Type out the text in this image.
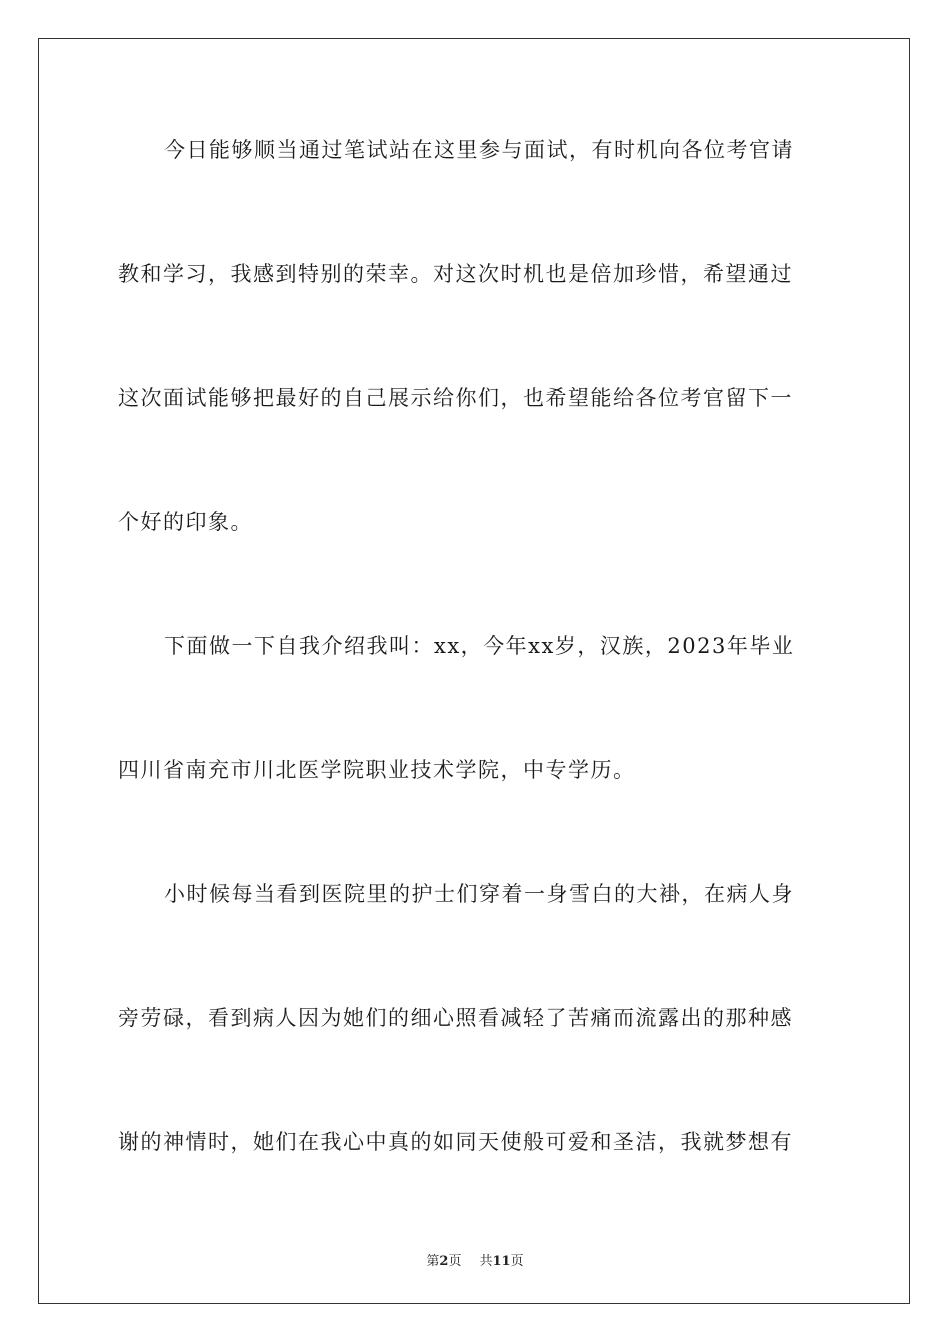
今日能够顺当通过笔试站在这里参与面试，有时机向各位考官请
教和学习，我感到特别的荣幸。对这次时机也是倍加珍惜，希望通过
这次面试能够把最好的自己展示给你们，也希望能给各位考官留下一
个好的印象。
下面做一下自我介绍我叫：xx，今年xx岁，汉族，2023年毕业
四川省南充市川北医学院职业技术学院，中专学历。
小时候每当看到医院里的护士们穿着一身雪白的大褂，在病人身
旁劳碌，看到病人因为她们的细心照看减轻了苦痛而流露出的那种感
谢的神情时，她们在我心中真的如同天使般可爱和圣洁，我就梦想有
第2页 共11页
